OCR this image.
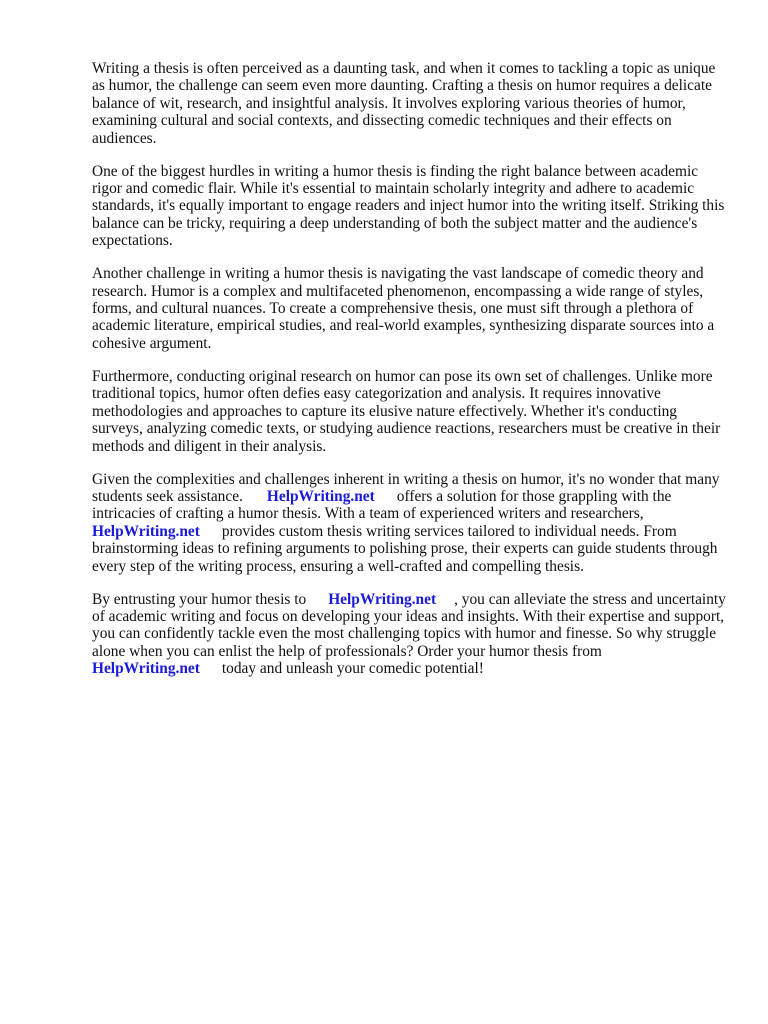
Writing a thesis is often perceived as a daunting task, and when it comes to tackling a topic as unique as humor, the challenge can seem even more daunting. Crafting a thesis on humor requires a delicate balance of wit, research, and insightful analysis. It involves exploring various theories of humor, examining cultural and social contexts, and dissecting comedic techniques and their effects on audiences.

One of the biggest hurdles in writing a humor thesis is finding the right balance between academic rigor and comedic flair. While it's essential to maintain scholarly integrity and adhere to academic standards, it's equally important to engage readers and inject humor into the writing itself. Striking this balance can be tricky, requiring a deep understanding of both the subject matter and the audience's expectations.

Another challenge in writing a humor thesis is navigating the vast landscape of comedic theory and research. Humor is a complex and multifaceted phenomenon, encompassing a wide range of styles, forms, and cultural nuances. To create a comprehensive thesis, one must sift through a plethora of academic literature, empirical studies, and real-world examples, synthesizing disparate sources into a cohesive argument.

Furthermore, conducting original research on humor can pose its own set of challenges. Unlike more traditional topics, humor often defies easy categorization and analysis. It requires innovative methodologies and approaches to capture its elusive nature effectively. Whether it's conducting surveys, analyzing comedic texts, or studying audience reactions, researchers must be creative in their methods and diligent in their analysis.

Given the complexities and challenges inherent in writing a thesis on humor, it's no wonder that many students seek assistance. HelpWriting.net offers a solution for those grappling with the intricacies of crafting a humor thesis. With a team of experienced writers and researchers, HelpWriting.net provides custom thesis writing services tailored to individual needs. From brainstorming ideas to refining arguments to polishing prose, their experts can guide students through every step of the writing process, ensuring a well-crafted and compelling thesis.

By entrusting your humor thesis to HelpWriting.net , you can alleviate the stress and uncertainty of academic writing and focus on developing your ideas and insights. With their expertise and support, you can confidently tackle even the most challenging topics with humor and finesse. So why struggle alone when you can enlist the help of professionals? Order your humor thesis fromHelpWriting.net today and unleash your comedic potential!
